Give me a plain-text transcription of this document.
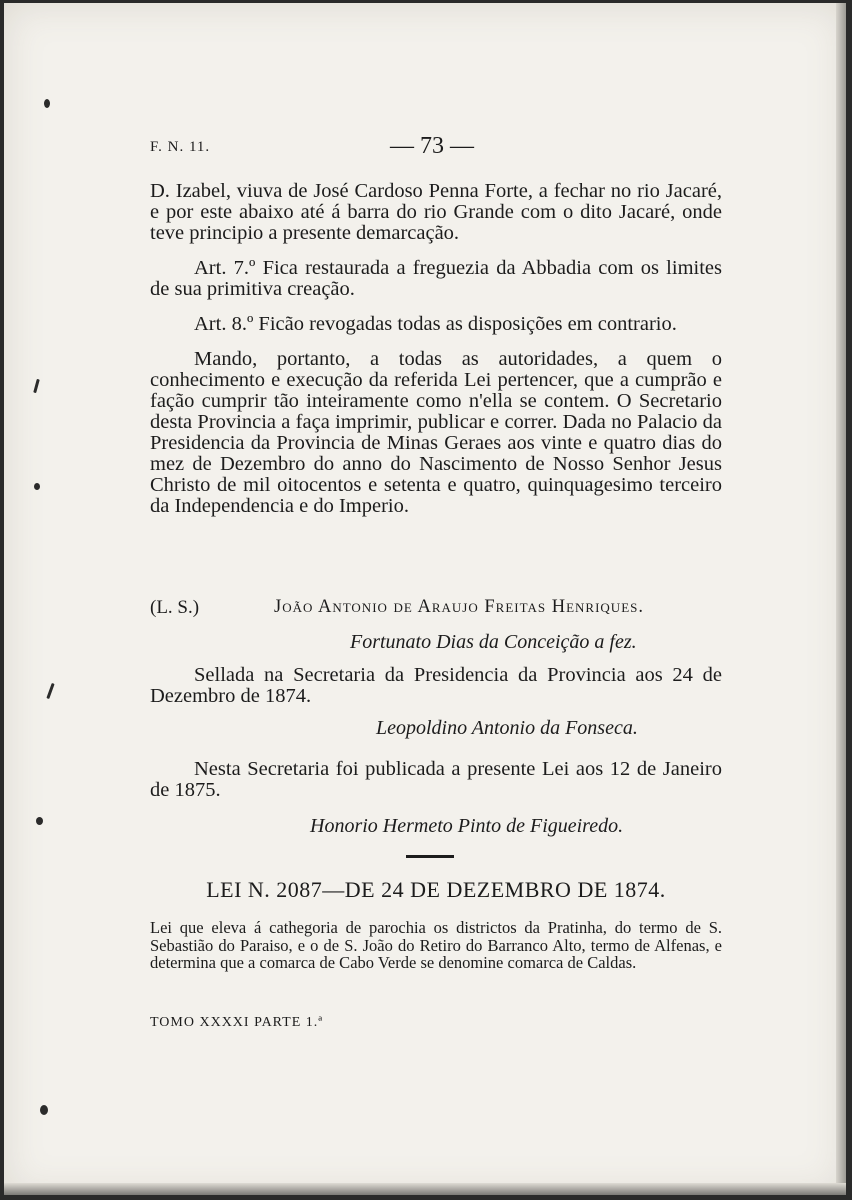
F. N. 11.	— 73 —

D. Izabel, viuva de José Cardoso Penna Forte, a fechar no rio Jacaré, e por este abaixo até á barra do rio Grande com o dito Jacaré, onde teve principio a presente demarcação.

Art. 7.º Fica restaurada a freguezia da Abbadia com os limites de sua primitiva creação.

Art. 8.º Ficão revogadas todas as disposições em contrario.

Mando, portanto, a todas as autoridades, a quem o conhecimento e execução da referida Lei pertencer, que a cumprão e fação cumprir tão inteiramente como n'ella se contem. O Secretario desta Provincia a faça imprimir, publicar e correr. Dada no Palacio da Presidencia da Provincia de Minas Geraes aos vinte e quatro dias do mez de Dezembro do anno do Nascimento de Nosso Senhor Jesus Christo de mil oitocentos e setenta e quatro, quinquagesimo terceiro da Independencia e do Imperio.

(L. S.)	João Antonio de Araujo Freitas Henriques.
Fortunato Dias da Conceição a fez.

Sellada na Secretaria da Presidencia da Provincia aos 24 de Dezembro de 1874.

Leopoldino Antonio da Fonseca.

Nesta Secretaria foi publicada a presente Lei aos 12 de Janeiro de 1875.

Honorio Hermeto Pinto de Figueiredo.
LEI N. 2087—DE 24 DE DEZEMBRO DE 1874.
Lei que eleva á cathegoria de parochia os districtos da Pratinha, do termo de S. Sebastião do Paraiso, e o de S. João do Retiro do Barranco Alto, termo de Alfenas, e determina que a comarca de Cabo Verde se denomine comarca de Caldas.
TOMO XXXXI PARTE 1.ª
